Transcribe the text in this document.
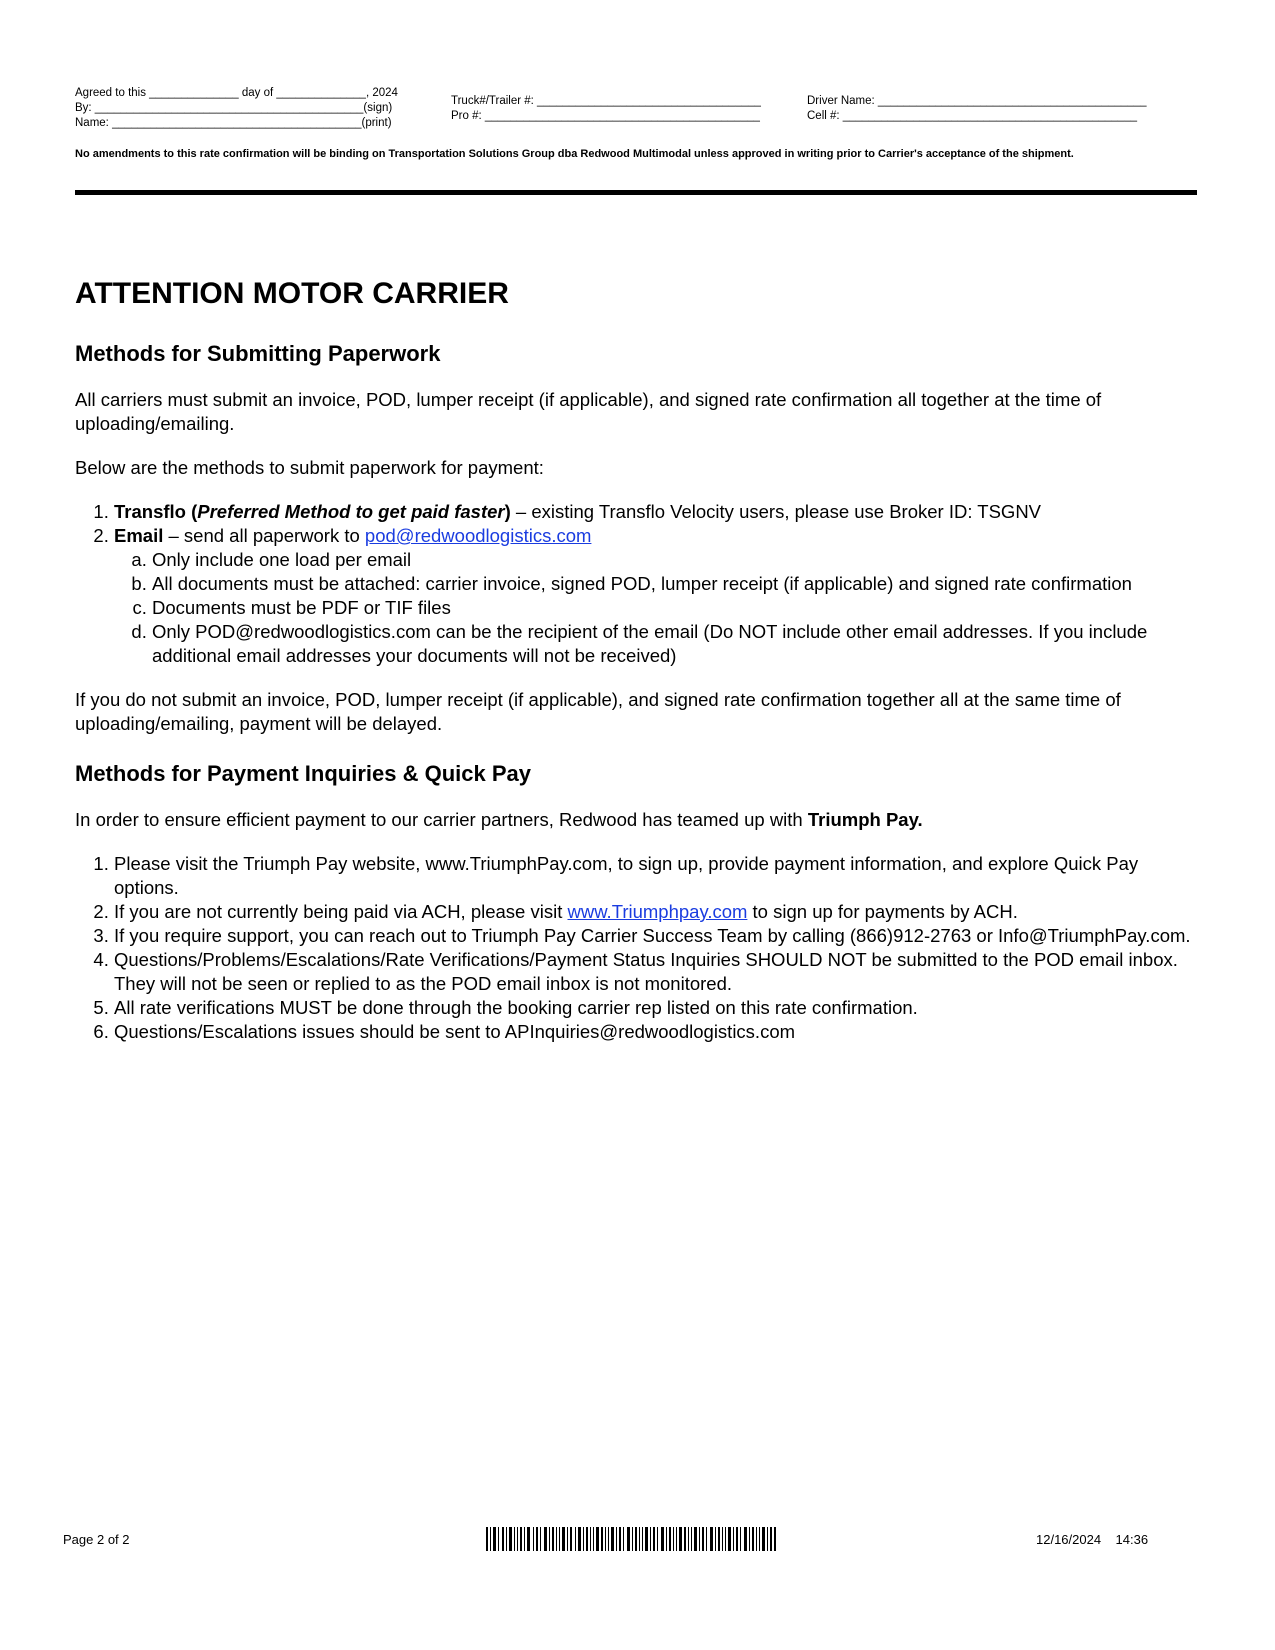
Agreed to this ______________ day of ______________, 2024
By: __________________________________________(sign)
Name: _______________________________________(print)
Truck#/Trailer #: ___________________________________
Pro #: ___________________________________________
Driver Name: __________________________________________
Cell #: ______________________________________________
No amendments to this rate confirmation will be binding on Transportation Solutions Group dba Redwood Multimodal unless approved in writing prior to Carrier's acceptance of the shipment.
ATTENTION MOTOR CARRIER
Methods for Submitting Paperwork

All carriers must submit an invoice, POD, lumper receipt (if applicable), and signed rate confirmation all together at the time of uploading/emailing.

Below are the methods to submit paperwork for payment:

1. Transflo (Preferred Method to get paid faster) – existing Transflo Velocity users, please use Broker ID: TSGNV
2. Email – send all paperwork to pod@redwoodlogistics.com
a. Only include one load per email
b. All documents must be attached: carrier invoice, signed POD, lumper receipt (if applicable) and signed rate confirmation
c. Documents must be PDF or TIF files
d. Only POD@redwoodlogistics.com can be the recipient of the email (Do NOT include other email addresses. If you include additional email addresses your documents will not be received)

If you do not submit an invoice, POD, lumper receipt (if applicable), and signed rate confirmation together all at the same time of uploading/emailing, payment will be delayed.

Methods for Payment Inquiries & Quick Pay

In order to ensure efficient payment to our carrier partners, Redwood has teamed up with Triumph Pay.

1. Please visit the Triumph Pay website, www.TriumphPay.com, to sign up, provide payment information, and explore Quick Pay options.
2. If you are not currently being paid via ACH, please visit www.Triumphpay.com to sign up for payments by ACH.
3. If you require support, you can reach out to Triumph Pay Carrier Success Team by calling (866)912-2763 or Info@TriumphPay.com.
4. Questions/Problems/Escalations/Rate Verifications/Payment Status Inquiries SHOULD NOT be submitted to the POD email inbox. They will not be seen or replied to as the POD email inbox is not monitored.
5. All rate verifications MUST be done through the booking carrier rep listed on this rate confirmation.
6. Questions/Escalations issues should be sent to APInquiries@redwoodlogistics.com
Page 2 of 2	12/16/2024 14:36
